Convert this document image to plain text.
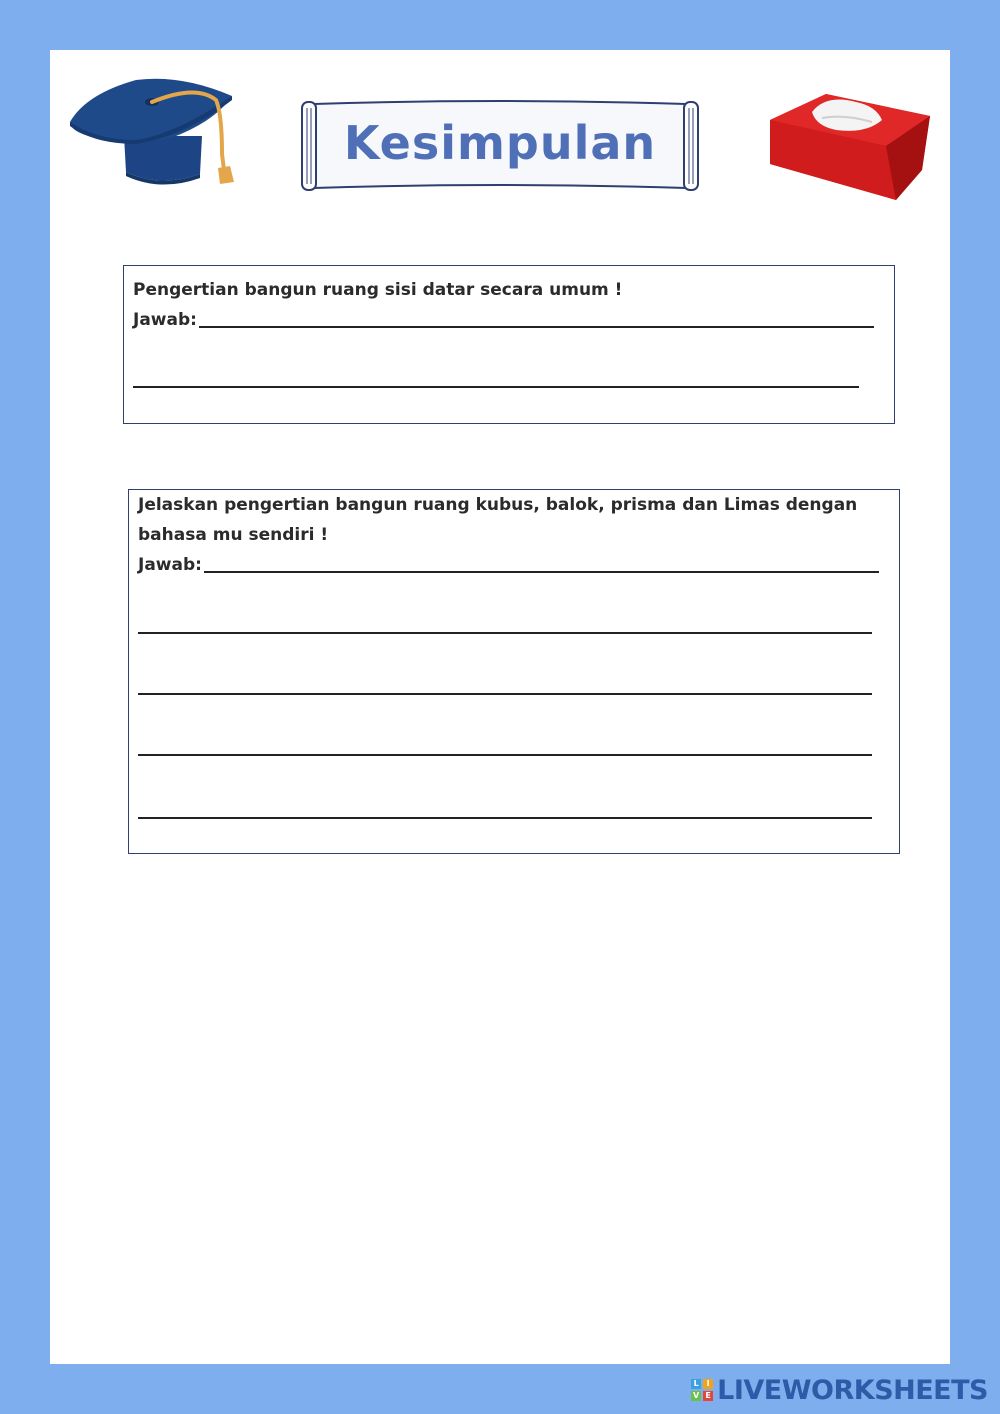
Kesimpulan
Pengertian bangun ruang sisi datar secara umum !
Jawab:
Jelaskan pengertian bangun ruang kubus, balok, prisma dan Limas dengan bahasa mu sendiri !
Jawab:
L I
V E LIVEWORKSHEETS
